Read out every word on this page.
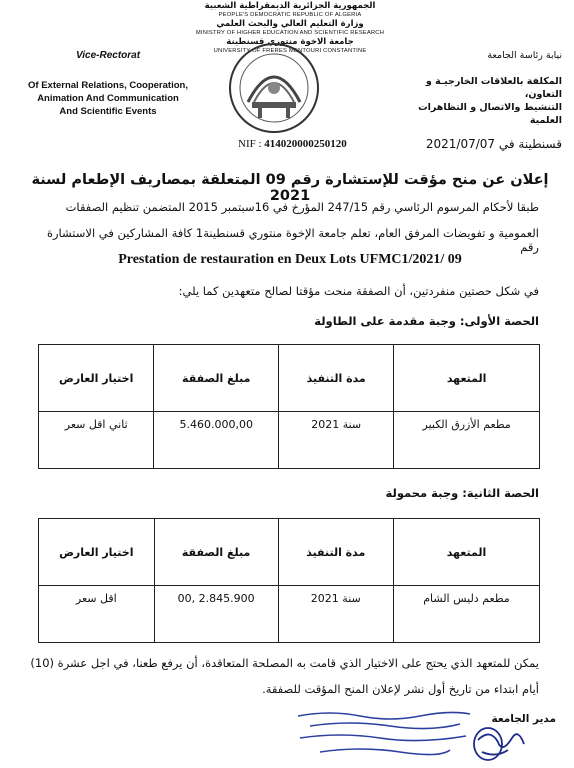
الجمهورية الجزائرية الديمقراطية الشعبية
PEOPLE'S DEMOCRATIC REPUBLIC OF ALGERIA
وزارة التعليم العالي والبحث العلمي
MINISTRY OF HIGHER EDUCATION AND SCIENTIFIC RESEARCH
جامعة الاخوة منتوري قسنطينة
UNIVERSITY OF FRERES MENTOURI CONSTANTINE
Vice-Rectorat
Of External Relations, Cooperation,
Animation And Communication
And Scientific Events
نيابة رئاسة الجامعة
المكلفة بالعلاقات الخارجيـة و التعاون،
التنشيط والاتصال و التظاهرات العلمية
قسنطينة في 2021/07/07
NIF : 414020000250120
إعلان عن منح مؤقت للإستشارة رقم 09 المتعلقة بمصاريف الإطعام لسنة 2021
طبقا لأحكام المرسوم الرئاسي رقم 247/15 المؤرخ في 16سبتمبر 2015 المتضمن تنظيم الصفقات
العمومية و تفويضات المرفق العام، تعلم جامعة الإخوة منتوري قسنطينة1 كافة المشاركين في الاستشارة رقم
Prestation de restauration en Deux Lots UFMC1/2021/ 09
في شكل حصتين منفردتين، أن الصفقة منحت مؤقتا لصالح متعهدين كما يلي:
الحصة الأولى: وجبة مقدمة على الطاولة
المتعهد	مدة التنفيذ	مبلغ الصفقة	اختيار العارض
مطعم الأزرق الكبير	سنة 2021	5.460.000,00	ثاني اقل سعر
الحصة الثانية: وجبة محمولة
المتعهد	مدة التنفيذ	مبلغ الصفقة	اختيار العارض
مطعم دليس الشام	سنة 2021	2.845.900 ,00	اقل سعر
يمكن للمتعهد الذي يحتج على الاختيار الذي قامت به المصلحة المتعاقدة، أن يرفع طعنا، في اجل عشرة (10)
أيام ابتداء من تاريخ أول نشر لإعلان المنح المؤقت للصفقة.
مدير الجامعة
